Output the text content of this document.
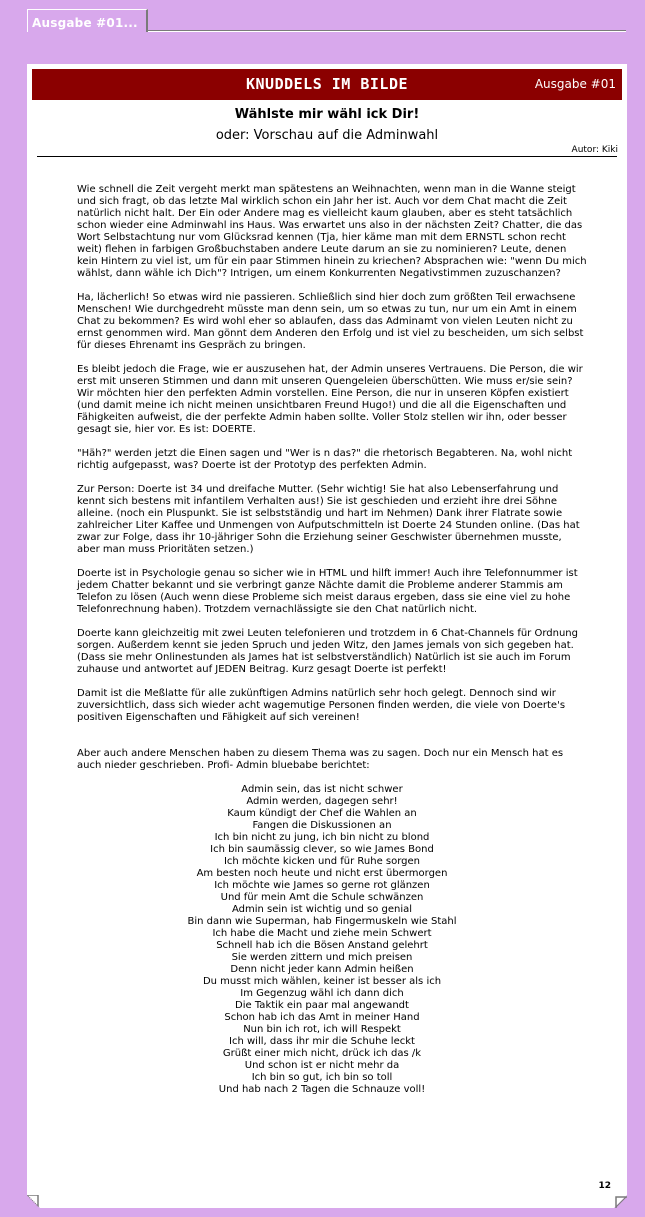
Ausgabe #01...
KNUDDELS IM BILDE	Ausgabe #01
Wählste mir wähl ick Dir!
oder: Vorschau auf die Adminwahl
Autor: Kiki

Wie schnell die Zeit vergeht merkt man spätestens an Weihnachten, wenn man in die Wanne steigt und sich fragt, ob das letzte Mal wirklich schon ein Jahr her ist. Auch vor dem Chat macht die Zeit natürlich nicht halt. Der Ein oder Andere mag es vielleicht kaum glauben, aber es steht tatsächlich schon wieder eine Adminwahl ins Haus. Was erwartet uns also in der nächsten Zeit? Chatter, die das Wort Selbstachtung nur vom Glücksrad kennen (Tja, hier käme man mit dem ERNSTL schon recht weit) flehen in farbigen Großbuchstaben andere Leute darum an sie zu nominieren? Leute, denen kein Hintern zu viel ist, um für ein paar Stimmen hinein zu kriechen? Absprachen wie: "wenn Du mich wählst, dann wähle ich Dich"? Intrigen, um einem Konkurrenten Negativstimmen zuzuschanzen?

Ha, lächerlich! So etwas wird nie passieren. Schließlich sind hier doch zum größten Teil erwachsene Menschen! Wie durchgedreht müsste man denn sein, um so etwas zu tun, nur um ein Amt in einem Chat zu bekommen? Es wird wohl eher so ablaufen, dass das Adminamt von vielen Leuten nicht zu ernst genommen wird. Man gönnt dem Anderen den Erfolg und ist viel zu bescheiden, um sich selbst für dieses Ehrenamt ins Gespräch zu bringen.

Es bleibt jedoch die Frage, wie er auszusehen hat, der Admin unseres Vertrauens. Die Person, die wir erst mit unseren Stimmen und dann mit unseren Quengeleien überschütten. Wie muss er/sie sein? Wir möchten hier den perfekten Admin vorstellen. Eine Person, die nur in unseren Köpfen existiert (und damit meine ich nicht meinen unsichtbaren Freund Hugo!) und die all die Eigenschaften und Fähigkeiten aufweist, die der perfekte Admin haben sollte. Voller Stolz stellen wir ihn, oder besser gesagt sie, hier vor. Es ist: DOERTE.

"Häh?" werden jetzt die Einen sagen und "Wer is n das?" die rhetorisch Begabteren. Na, wohl nicht richtig aufgepasst, was? Doerte ist der Prototyp des perfekten Admin.

Zur Person: Doerte ist 34 und dreifache Mutter. (Sehr wichtig! Sie hat also Lebenserfahrung und kennt sich bestens mit infantilem Verhalten aus!) Sie ist geschieden und erzieht ihre drei Söhne alleine. (noch ein Pluspunkt. Sie ist selbstständig und hart im Nehmen) Dank ihrer Flatrate sowie zahlreicher Liter Kaffee und Unmengen von Aufputschmitteln ist Doerte 24 Stunden online. (Das hat zwar zur Folge, dass ihr 10-jähriger Sohn die Erziehung seiner Geschwister übernehmen musste, aber man muss Prioritäten setzen.)

Doerte ist in Psychologie genau so sicher wie in HTML und hilft immer! Auch ihre Telefonnummer ist jedem Chatter bekannt und sie verbringt ganze Nächte damit die Probleme anderer Stammis am Telefon zu lösen (Auch wenn diese Probleme sich meist daraus ergeben, dass sie eine viel zu hohe Telefonrechnung haben). Trotzdem vernachlässigte sie den Chat natürlich nicht.

Doerte kann gleichzeitig mit zwei Leuten telefonieren und trotzdem in 6 Chat-Channels für Ordnung sorgen. Außerdem kennt sie jeden Spruch und jeden Witz, den James jemals von sich gegeben hat. (Dass sie mehr Onlinestunden als James hat ist selbstverständlich) Natürlich ist sie auch im Forum zuhause und antwortet auf JEDEN Beitrag. Kurz gesagt Doerte ist perfekt!

Damit ist die Meßlatte für alle zukünftigen Admins natürlich sehr hoch gelegt. Dennoch sind wir zuversichtlich, dass sich wieder acht wagemutige Personen finden werden, die viele von Doerte's positiven Eigenschaften und Fähigkeit auf sich vereinen!

Aber auch andere Menschen haben zu diesem Thema was zu sagen. Doch nur ein Mensch hat es auch nieder geschrieben. Profi- Admin bluebabe berichtet:

Admin sein, das ist nicht schwer
Admin werden, dagegen sehr!
Kaum kündigt der Chef die Wahlen an
Fangen die Diskussionen an
Ich bin nicht zu jung, ich bin nicht zu blond
Ich bin saumässig clever, so wie James Bond
Ich möchte kicken und für Ruhe sorgen
Am besten noch heute und nicht erst übermorgen
Ich möchte wie James so gerne rot glänzen
Und für mein Amt die Schule schwänzen
Admin sein ist wichtig und so genial
Bin dann wie Superman, hab Fingermuskeln wie Stahl
Ich habe die Macht und ziehe mein Schwert
Schnell hab ich die Bösen Anstand gelehrt
Sie werden zittern und mich preisen
Denn nicht jeder kann Admin heißen
Du musst mich wählen, keiner ist besser als ich
Im Gegenzug wähl ich dann dich
Die Taktik ein paar mal angewandt
Schon hab ich das Amt in meiner Hand
Nun bin ich rot, ich will Respekt
Ich will, dass ihr mir die Schuhe leckt
Grüßt einer mich nicht, drück ich das /k
Und schon ist er nicht mehr da
Ich bin so gut, ich bin so toll
Und hab nach 2 Tagen die Schnauze voll!
12
